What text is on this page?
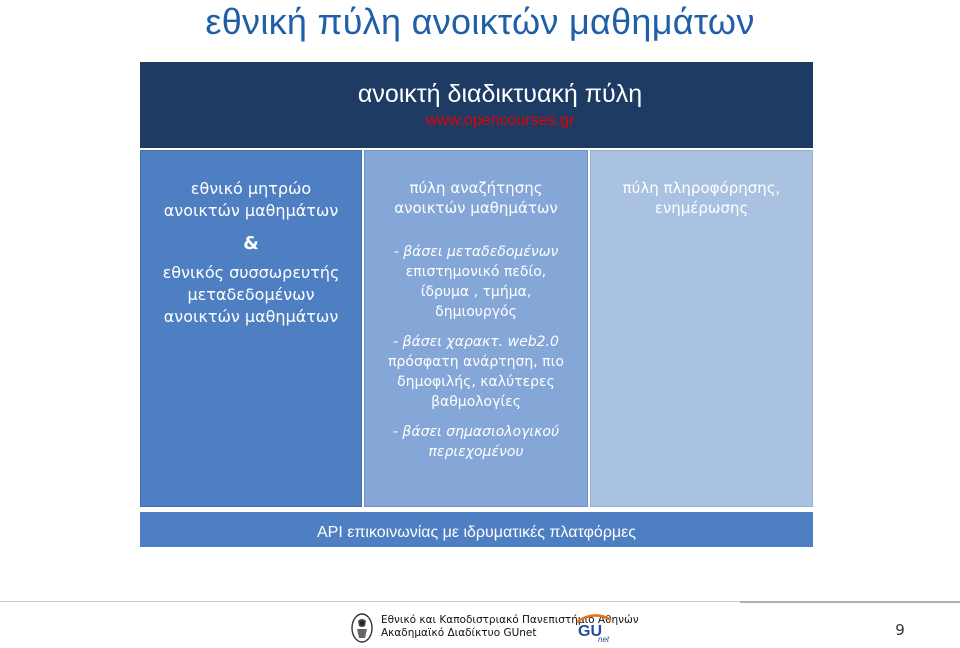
εθνική πύλη ανοικτών μαθημάτων
ανοικτή διαδικτυακή πύλη
www.opencourses.gr
εθνικό μητρώο
ανοικτών μαθημάτων
&
εθνικός συσσωρευτής
μεταδεδομένων
ανοικτών μαθημάτων
πύλη αναζήτησης
ανοικτών μαθημάτων
- βάσει μεταδεδομένων
επιστημονικό πεδίο,
ίδρυμα , τμήμα,
δημιουργός
- βάσει χαρακτ. web2.0
πρόσφατη ανάρτηση, πιο
δημοφιλής, καλύτερες
βαθμολογίες
- βάσει σημασιολογικού
περιεχομένου
πύλη πληροφόρησης,
ενημέρωσης
API επικοινωνίας με ιδρυματικές πλατφόρμες
Εθνικό και Καποδιστριακό Πανεπιστήμιο Αθηνών
Ακαδημαϊκό Διαδίκτυο GUnet	GU
net
9
